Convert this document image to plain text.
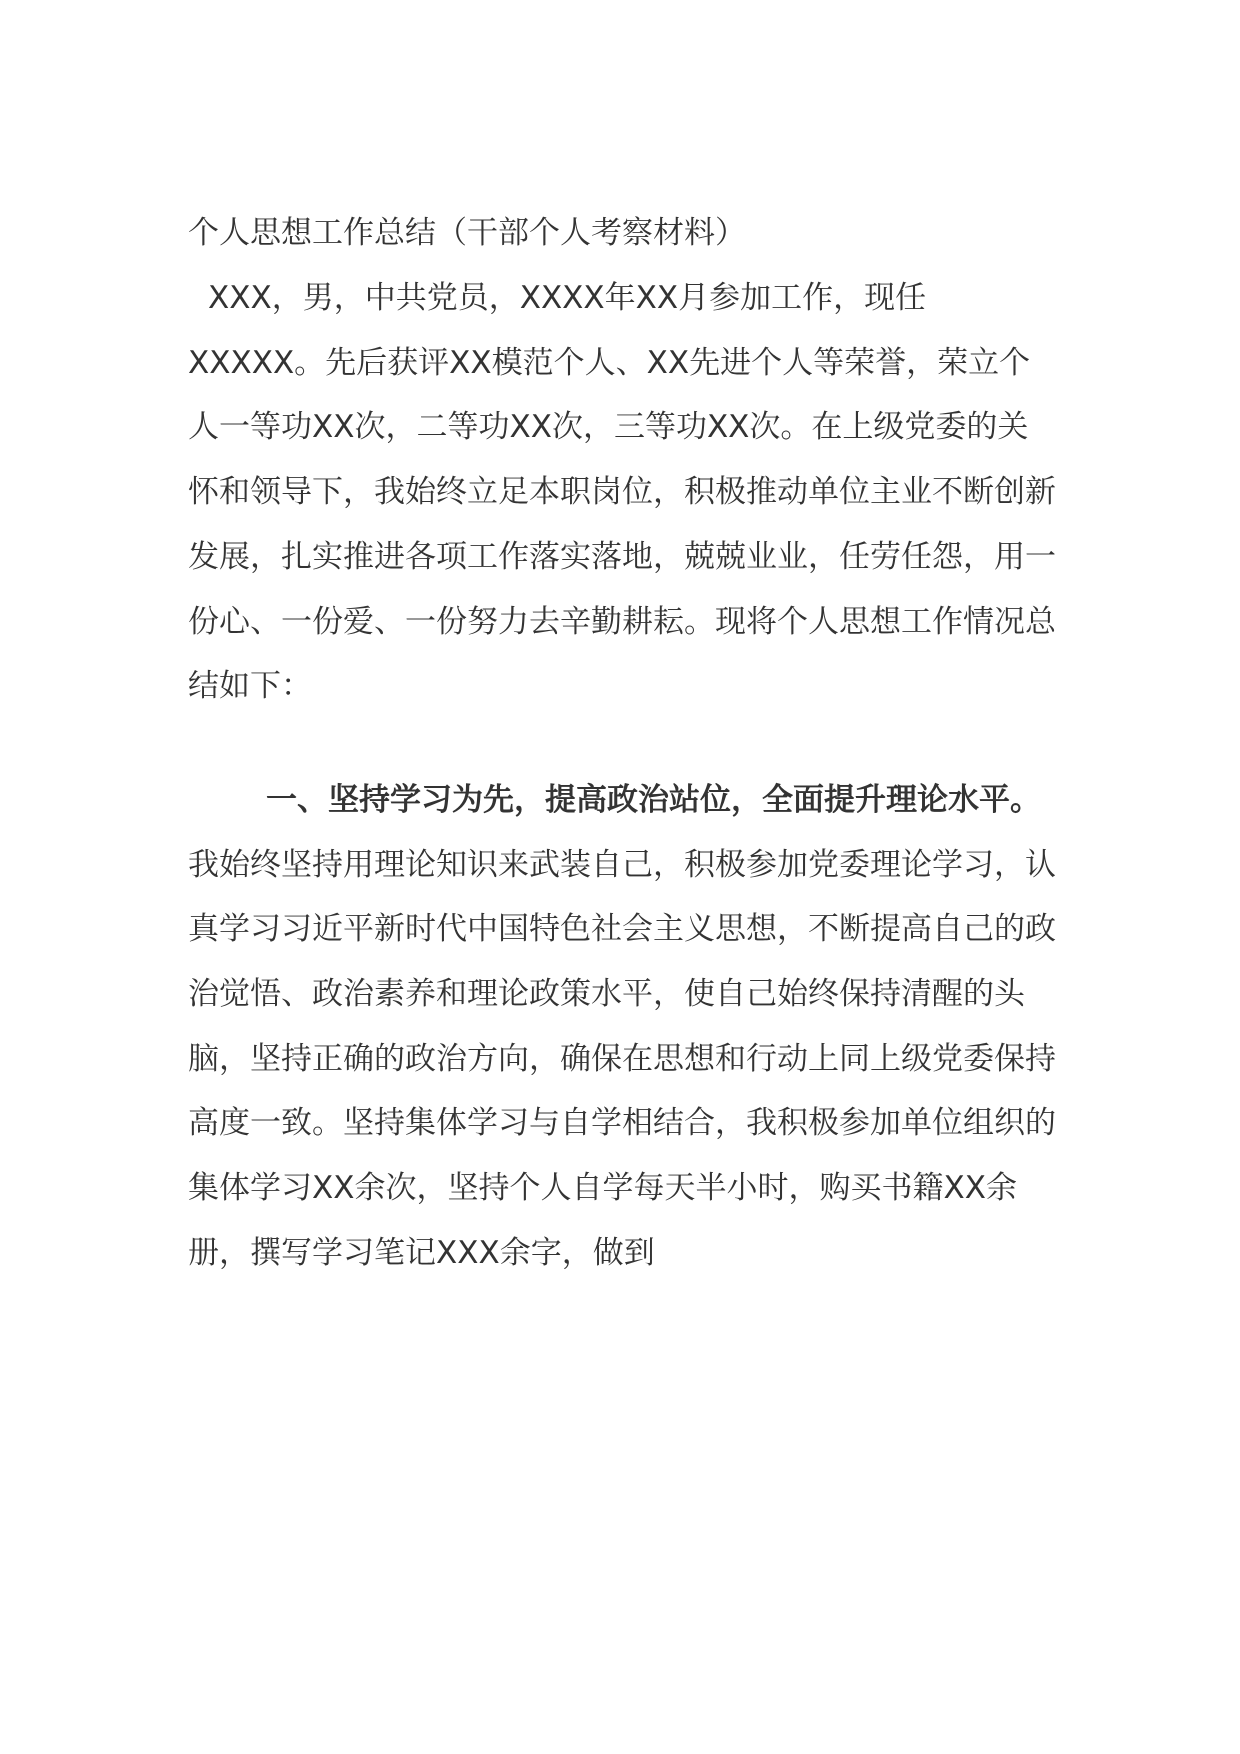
个人思想工作总结（干部个人考察材料）

XXX，男，中共党员，XXXX年XX月参加工作，现任XXXXX。先后获评XX模范个人、XX先进个人等荣誉，荣立个人一等功XX次，二等功XX次，三等功XX次。在上级党委的关怀和领导下，我始终立足本职岗位，积极推动单位主业不断创新发展，扎实推进各项工作落实落地，兢兢业业，任劳任怨，用一份心、一份爱、一份努力去辛勤耕耘。现将个人思想工作情况总结如下：

一、坚持学习为先，提高政治站位，全面提升理论水平。我始终坚持用理论知识来武装自己，积极参加党委理论学习，认真学习习近平新时代中国特色社会主义思想，不断提高自己的政治觉悟、政治素养和理论政策水平，使自己始终保持清醒的头脑，坚持正确的政治方向，确保在思想和行动上同上级党委保持高度一致。坚持集体学习与自学相结合，我积极参加单位组织的集体学习XX余次，坚持个人自学每天半小时，购买书籍XX余册，撰写学习笔记XXX余字，做到
